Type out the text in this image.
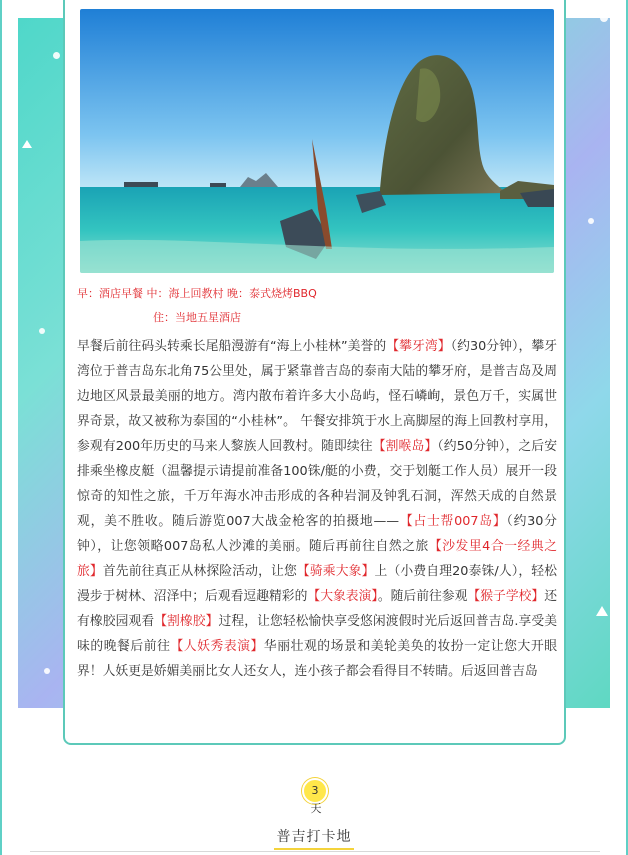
早：酒店早餐 中：海上回教村 晚：泰式烧烤BBQ
住：当地五星酒店
早餐后前往码头转乘长尾船漫游有“海上小桂林”美誉的【攀牙湾】（约30分钟），攀牙湾位于普吉岛东北角75公里处，属于紧靠普吉岛的泰南大陆的攀牙府，是普吉岛及周边地区风景最美丽的地方。湾内散布着许多大小岛屿，怪石嶙峋，景色万千，实属世界奇景，故又被称为泰国的“小桂林”。 午餐安排筑于水上高脚屋的海上回教村享用，参观有200年历史的马来人黎族人回教村。随即续往【割喉岛】（约50分钟），之后安排乘坐橡皮艇（温馨提示请提前准备100铢/艇的小费，交于划艇工作人员）展开一段惊奇的知性之旅，千万年海水冲击形成的各种岩洞及钟乳石洞，浑然天成的自然景观，美不胜收。随后游览007大战金枪客的拍摄地——【占士帮007岛】（约30分钟），让您领略007岛私人沙滩的美丽。随后再前往自然之旅【沙发里4合一经典之旅】首先前往真正从林探险活动，让您【骑乘大象】上（小费自理20泰铢/人），轻松漫步于树林、沼泽中；后观看逗趣精彩的【大象表演】。随后前往参观【猴子学校】还有橡胶园观看【割橡胶】过程，让您轻松愉快享受悠闲渡假时光后返回普吉岛.享受美味的晚餐后前往【人妖秀表演】华丽壮观的场景和美轮美奂的妆扮一定让您大开眼界！人妖更是娇媚美丽比女人还女人，连小孩子都会看得目不转睛。后返回普吉岛
3
天
普吉打卡地
